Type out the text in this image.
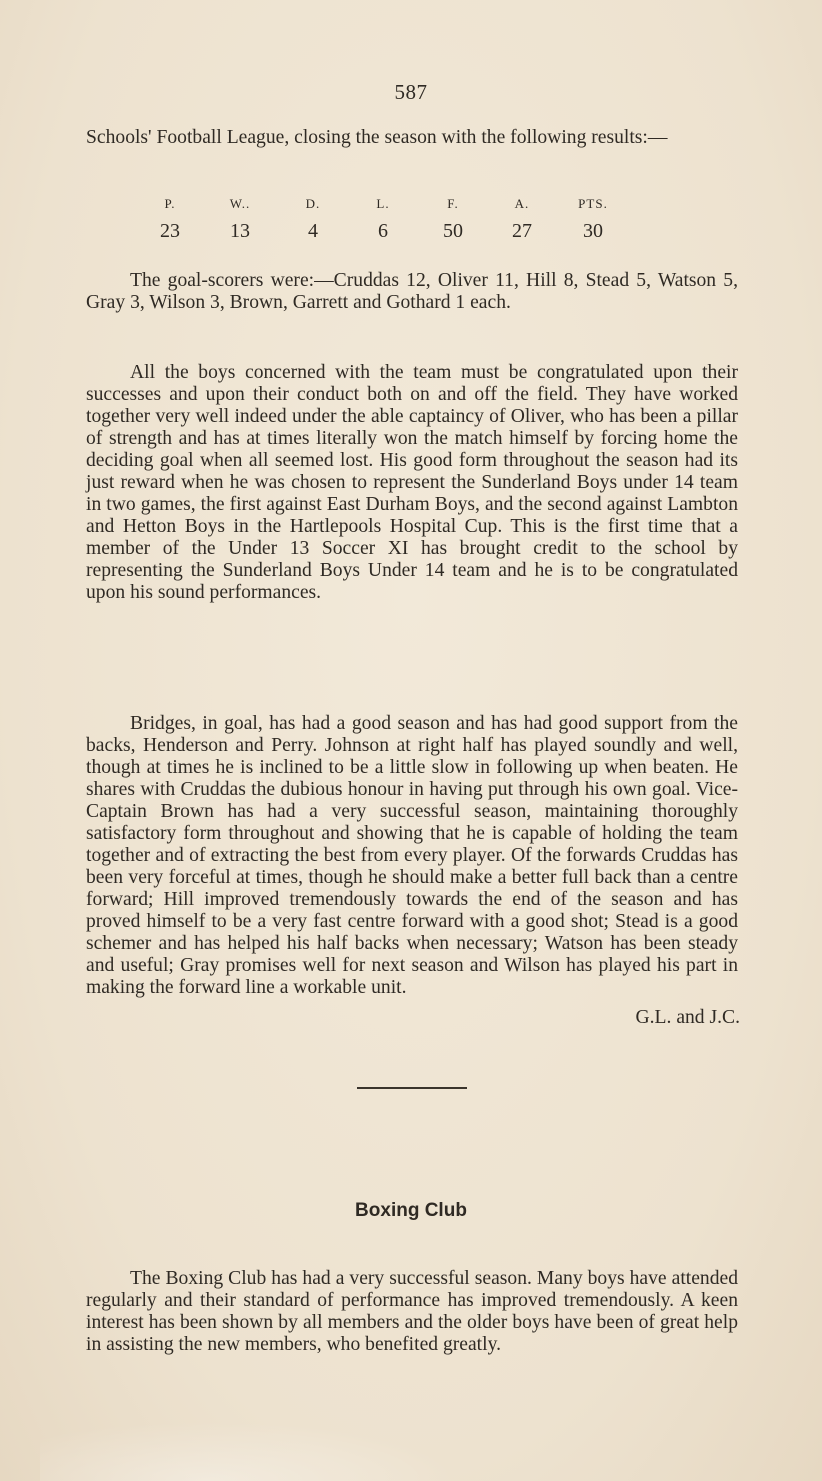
587
Schools' Football League, closing the season with the following results:—
P.	W..	D.	L.	F.	A.	PTS.
23	13	4	6	50	27	30

The goal-scorers were:—Cruddas 12, Oliver 11, Hill 8, Stead 5, Watson 5, Gray 3, Wilson 3, Brown, Garrett and Gothard 1 each.

All the boys concerned with the team must be congratulated upon their successes and upon their conduct both on and off the field. They have worked together very well indeed under the able captaincy of Oliver, who has been a pillar of strength and has at times literally won the match himself by forcing home the deciding goal when all seemed lost. His good form throughout the season had its just reward when he was chosen to represent the Sunderland Boys under 14 team in two games, the first against East Durham Boys, and the second against Lambton and Hetton Boys in the Hartlepools Hospital Cup. This is the first time that a member of the Under 13 Soccer XI has brought credit to the school by representing the Sunderland Boys Under 14 team and he is to be congratulated upon his sound performances.

Bridges, in goal, has had a good season and has had good support from the backs, Henderson and Perry. Johnson at right half has played soundly and well, though at times he is inclined to be a little slow in following up when beaten. He shares with Cruddas the dubious honour in having put through his own goal. Vice-Captain Brown has had a very successful season, maintaining thoroughly satisfactory form throughout and showing that he is capable of holding the team together and of extracting the best from every player. Of the forwards Cruddas has been very forceful at times, though he should make a better full back than a centre forward; Hill improved tremendously towards the end of the season and has proved himself to be a very fast centre forward with a good shot; Stead is a good schemer and has helped his half backs when necessary; Watson has been steady and useful; Gray promises well for next season and Wilson has played his part in making the forward line a workable unit.

G.L. and J.C.
Boxing Club

The Boxing Club has had a very successful season. Many boys have attended regularly and their standard of performance has improved tremendously. A keen interest has been shown by all members and the older boys have been of great help in assisting the new members, who benefited greatly.
